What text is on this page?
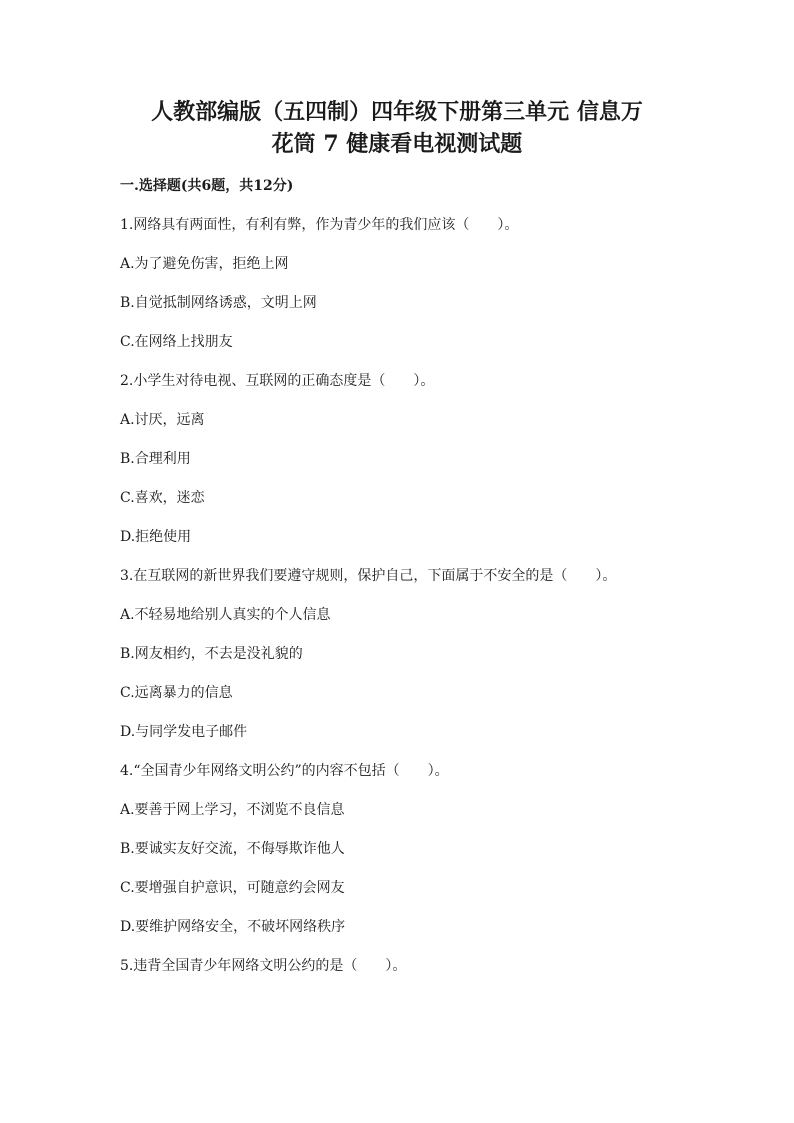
人教部编版（五四制）四年级下册第三单元 信息万
花筒 7 健康看电视测试题
一.选择题(共6题，共12分)
1.网络具有两面性，有利有弊，作为青少年的我们应该（　　）。
A.为了避免伤害，拒绝上网
B.自觉抵制网络诱惑，文明上网
C.在网络上找朋友
2.小学生对待电视、互联网的正确态度是（　　）。
A.讨厌，远离
B.合理利用
C.喜欢，迷恋
D.拒绝使用
3.在互联网的新世界我们要遵守规则，保护自己，下面属于不安全的是（　　）。
A.不轻易地给别人真实的个人信息
B.网友相约，不去是没礼貌的
C.远离暴力的信息
D.与同学发电子邮件
4.“全国青少年网络文明公约”的内容不包括（　　）。
A.要善于网上学习，不浏览不良信息
B.要诚实友好交流，不侮辱欺诈他人
C.要增强自护意识，可随意约会网友
D.要维护网络安全，不破坏网络秩序
5.违背全国青少年网络文明公约的是（　　）。
